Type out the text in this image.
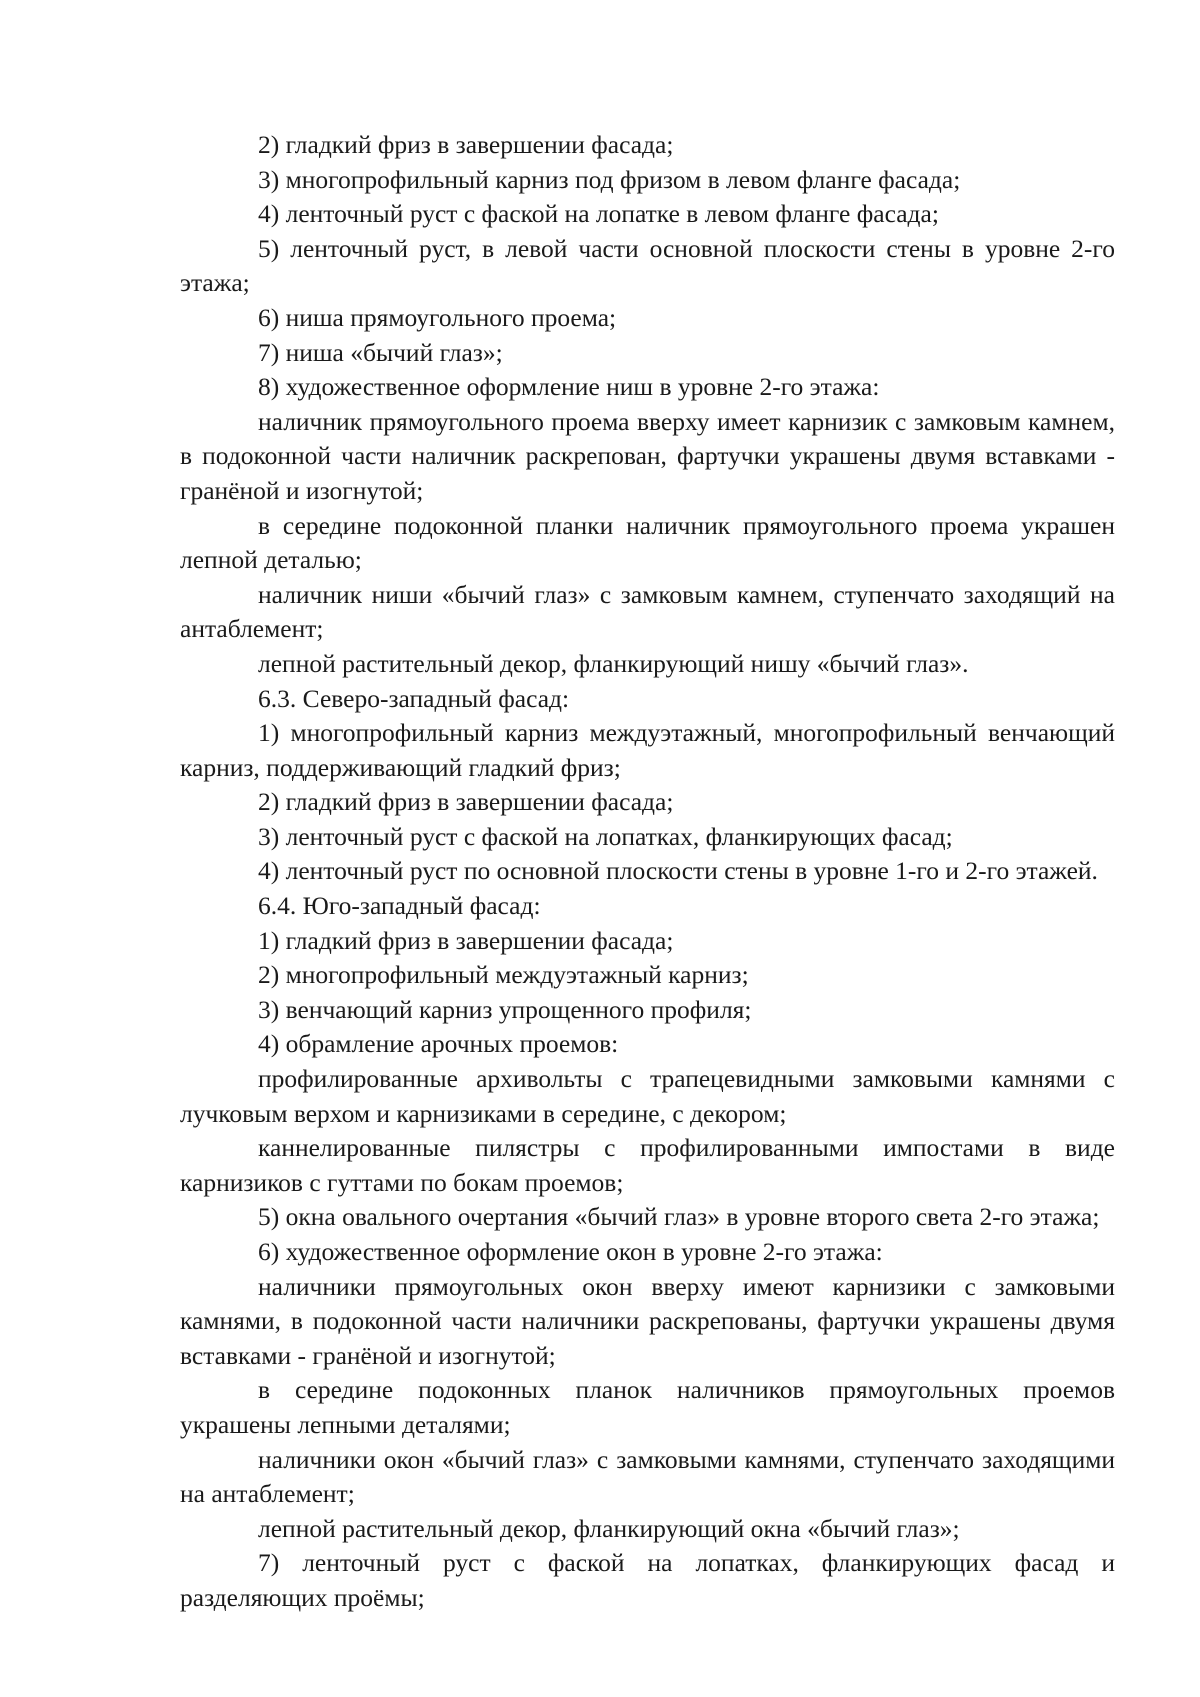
2) гладкий фриз в завершении фасада;

3) многопрофильный карниз под фризом в левом фланге фасада;

4) ленточный руст с фаской на лопатке в левом фланге фасада;

5) ленточный руст, в левой части основной плоскости стены в уровне 2-го этажа;

6) ниша прямоугольного проема;

7) ниша «бычий глаз»;

8) художественное оформление ниш в уровне 2-го этажа:

наличник прямоугольного проема вверху имеет карнизик с замковым камнем, в подоконной части наличник раскрепован, фартучки украшены двумя вставками - гранёной и изогнутой;

в середине подоконной планки наличник прямоугольного проема украшен лепной деталью;

наличник ниши «бычий глаз» с замковым камнем, ступенчато заходящий на антаблемент;

лепной растительный декор, фланкирующий нишу «бычий глаз».

6.3. Северо-западный фасад:

1) многопрофильный карниз междуэтажный, многопрофильный венчающий карниз, поддерживающий гладкий фриз;

2) гладкий фриз в завершении фасада;

3) ленточный руст с фаской на лопатках, фланкирующих фасад;

4) ленточный руст по основной плоскости стены в уровне 1-го и 2-го этажей.

6.4. Юго-западный фасад:

1) гладкий фриз в завершении фасада;

2) многопрофильный междуэтажный карниз;

3) венчающий карниз упрощенного профиля;

4) обрамление арочных проемов:

профилированные архивольты с трапецевидными замковыми камнями с лучковым верхом и карнизиками в середине, с декором;

каннелированные пилястры с профилированными импостами в виде карнизиков с гуттами по бокам проемов;

5) окна овального очертания «бычий глаз» в уровне второго света 2-го этажа;

6) художественное оформление окон в уровне 2-го этажа:

наличники прямоугольных окон вверху имеют карнизики с замковыми камнями, в подоконной части наличники раскрепованы, фартучки украшены двумя вставками - гранёной и изогнутой;

в середине подоконных планок наличников прямоугольных проемов украшены лепными деталями;

наличники окон «бычий глаз» с замковыми камнями, ступенчато заходящими на антаблемент;

лепной растительный декор, фланкирующий окна «бычий глаз»;

7) ленточный руст с фаской на лопатках, фланкирующих фасад и разделяющих проёмы;
